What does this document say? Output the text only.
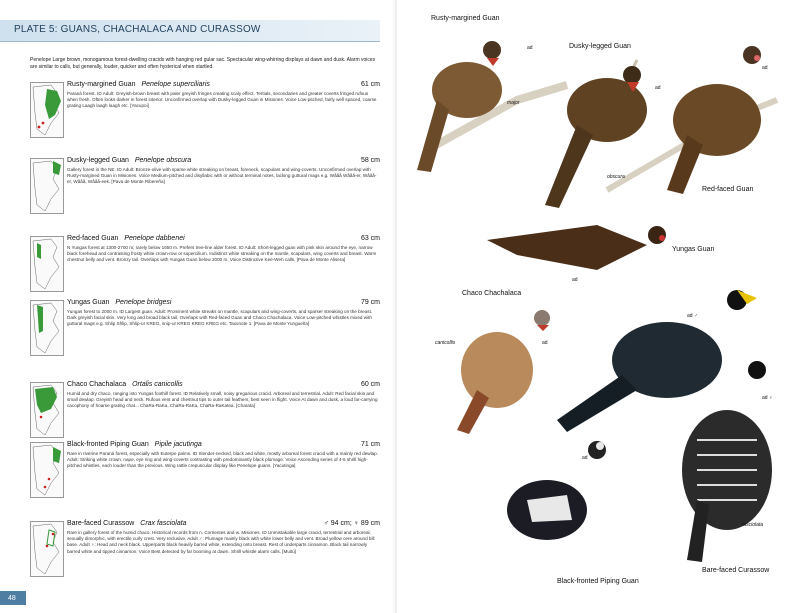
PLATE 5: GUANS, CHACHALACA AND CURASSOW
Penelope Large brown, monogamous forest-dwelling cracids with hanging red gular sac. Spectacular wing-whirring displays at dawn and dusk. Alarm voices are similar to calls, but generally, louder, quicker and often hysterical when startled.
Rusty-margined Guan Penelope superciliaris	61 cm
Paraná forest. ID Adult: Greyish-brown breast with paler greyish fringes creating scaly effect. Tertials, secondaries and greater coverts fringed rufous when fresh. Often looks darker in forest interior. Unconfirmed overlap with Dusky-legged Guan in Misiones. Voice Low-pitched, fairly well spaced, coarse grating Laagh laagh laagh etc. [Yacupoi]
Dusky-legged Guan Penelope obscura	58 cm
Gallery forest in the NE. ID Adult: Bronze-olive with sparse white streaking on breast, foreneck, scapulars and wing-coverts. Unconfirmed overlap with Rusty-margined Guan in Misiones. Voice Medium-pitched and disyllabic with or without terminal notes, lacking guttural mags e.g. Wååå Wååå-er, Wååå-er, Wååå, Wååå-eek. [Pava de Monte Ribereña]
Red-faced Guan Penelope dabbenei	63 cm
N Yungas forest at 1300-2700 m; rarely below 1650 m. Prefers tree-line alder forest. ID Adult: Short-legged guan with pink skin around the eye, narrow black forehead and contrasting frosty white crown-row or supercilium. Indistinct white streaking on the mantle, scapulars, wing coverts and breast. Warm chestnut belly and vent. Bronzy tail. Overlaps with Yungas Guan below 2000 m. Voice Distinctive Kee-Weh calls. [Pava de Monte Alisera]
Yungas Guan Penelope bridgesi	79 cm
Yungas forest to 2000 m. ID Largest guan. Adult: Prominent white streaks on mantle, scapulars and wing-coverts, and sparser streaking on the breast. Dark greyish facial skin. Very long and broad black tail. Overlaps with Red-faced Guan and Chaco Chachalaca. Voice Low-pitched whistles mixed with guttural mags e.g. Shlip Shlip, Shlip-ur KREG, snip-ur KREG KREG KREG etc. Taxonote 1. [Pava de Monte Yungueña]
Chaco Chachalaca Ortalis canicollis	60 cm
Humid and dry chaco, ranging into Yungas foothill forest. ID Relatively small, noisy gregarious cracid. Arboreal and terrestrial. Adult: Red facial skin and small dewlap. Greyish head and neck. Rufous vent and chestnut tips to outer tail feathers, best seen in flight. Voice At dawn and dusk, a loud far-carrying cacophony of hoarse grating chat... ChaRa-RaKa, ChaRa-RaKa, ChaRa-RaKatea. [Charata]
Black-fronted Piping Guan Pipile jacutinga	71 cm
Rare in riverine Paraná forest, especially with Euterpe palms. ID Slender-necked, black and white, mostly arboreal forest cracid with a mainly red dewlap. Adult: Striking white crown, nape, eye ring and wing-coverts contrasting with predominantly black plumage. Voice Ascending series of 4-6 shrill high-pitched whistles, each louder than the previous. Wing rattle crepuscular display like Penelope guans. [Yacutinga]
Bare-faced Curassow Crax fasciolata	♂ 94 cm; ♀ 89 cm
Rare in gallery forest of the humid chaco. Historical records from n. Corrientes and w. Misiones. ID Unmistakable large cracid, terrestrial and arboreal, sexually dimorphic, with erectile curly crest. Very reclusive. Adult ♂: Plumage mainly black with white lower belly and vent. Broad yellow cere around bill base. Adult ♀: Head and neck black. Upperparts black heavily barred white, extending onto breast. Rest of underparts cinnamon. Black tail narrowly barred white and tipped cinnamon. Voice Best detected by far booming at dawn. Shrill whistle alarm calls. [Muitú]
48
Rusty-margined Guan
ad
major
Dusky-legged Guan
ad
obscura
Red-faced Guan
ad
Yungas Guan
ad
Chaco Chachalaca
ad
canicollis
Black-fronted Piping Guan
ad
Bare-faced Curassow
ad ♂
ad ♀
fasciolata
